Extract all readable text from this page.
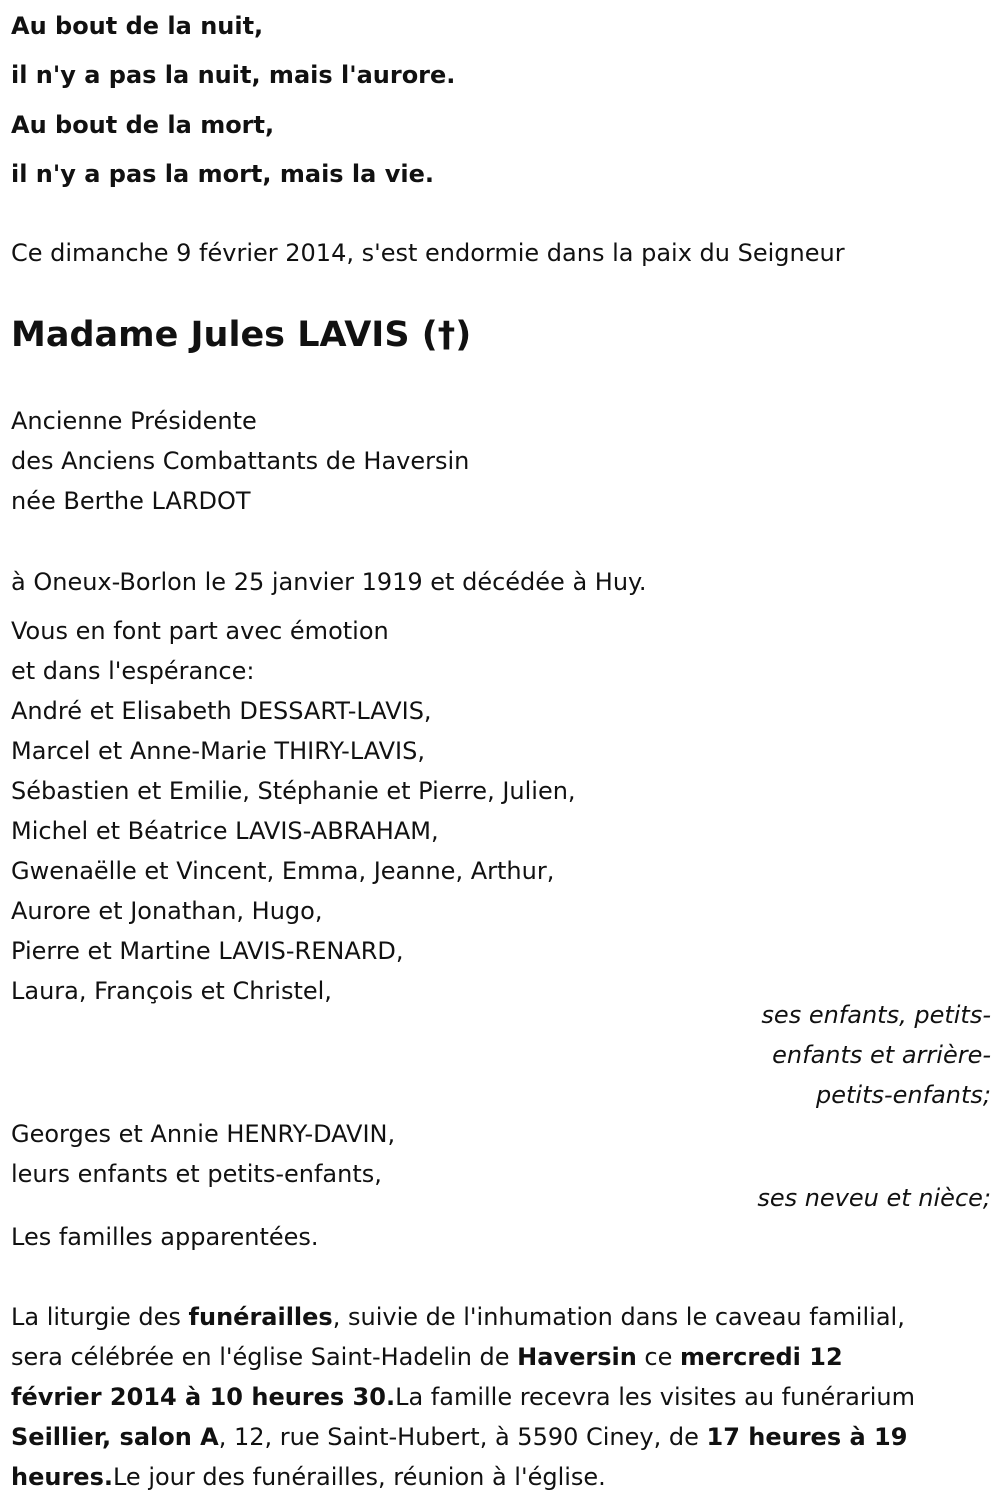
Au bout de la nuit,
il n'y a pas la nuit, mais l'aurore.
Au bout de la mort,
il n'y a pas la mort, mais la vie.
Ce dimanche 9 février 2014, s'est endormie dans la paix du Seigneur
Madame Jules LAVIS (†)
Ancienne Présidente
des Anciens Combattants de Haversin
née Berthe LARDOT
à Oneux-Borlon le 25 janvier 1919 et décédée à Huy.
Vous en font part avec émotion
et dans l'espérance:
André et Elisabeth DESSART-LAVIS,
Marcel et Anne-Marie THIRY-LAVIS,
Sébastien et Emilie, Stéphanie et Pierre, Julien,
Michel et Béatrice LAVIS-ABRAHAM,
Gwenaëlle et Vincent, Emma, Jeanne, Arthur,
Aurore et Jonathan, Hugo,
Pierre et Martine LAVIS-RENARD,
Laura, François et Christel,
ses enfants, petits-
enfants et arrière-
petits-enfants;
Georges et Annie HENRY-DAVIN,
leurs enfants et petits-enfants,
ses neveu et nièce;
Les familles apparentées.
La liturgie des funérailles, suivie de l'inhumation dans le caveau familial,
sera célébrée en l'église Saint-Hadelin de Haversin ce mercredi 12
février 2014 à 10 heures 30.La famille recevra les visites au funérarium
Seillier, salon A, 12, rue Saint-Hubert, à 5590 Ciney, de 17 heures à 19
heures.Le jour des funérailles, réunion à l'église.
